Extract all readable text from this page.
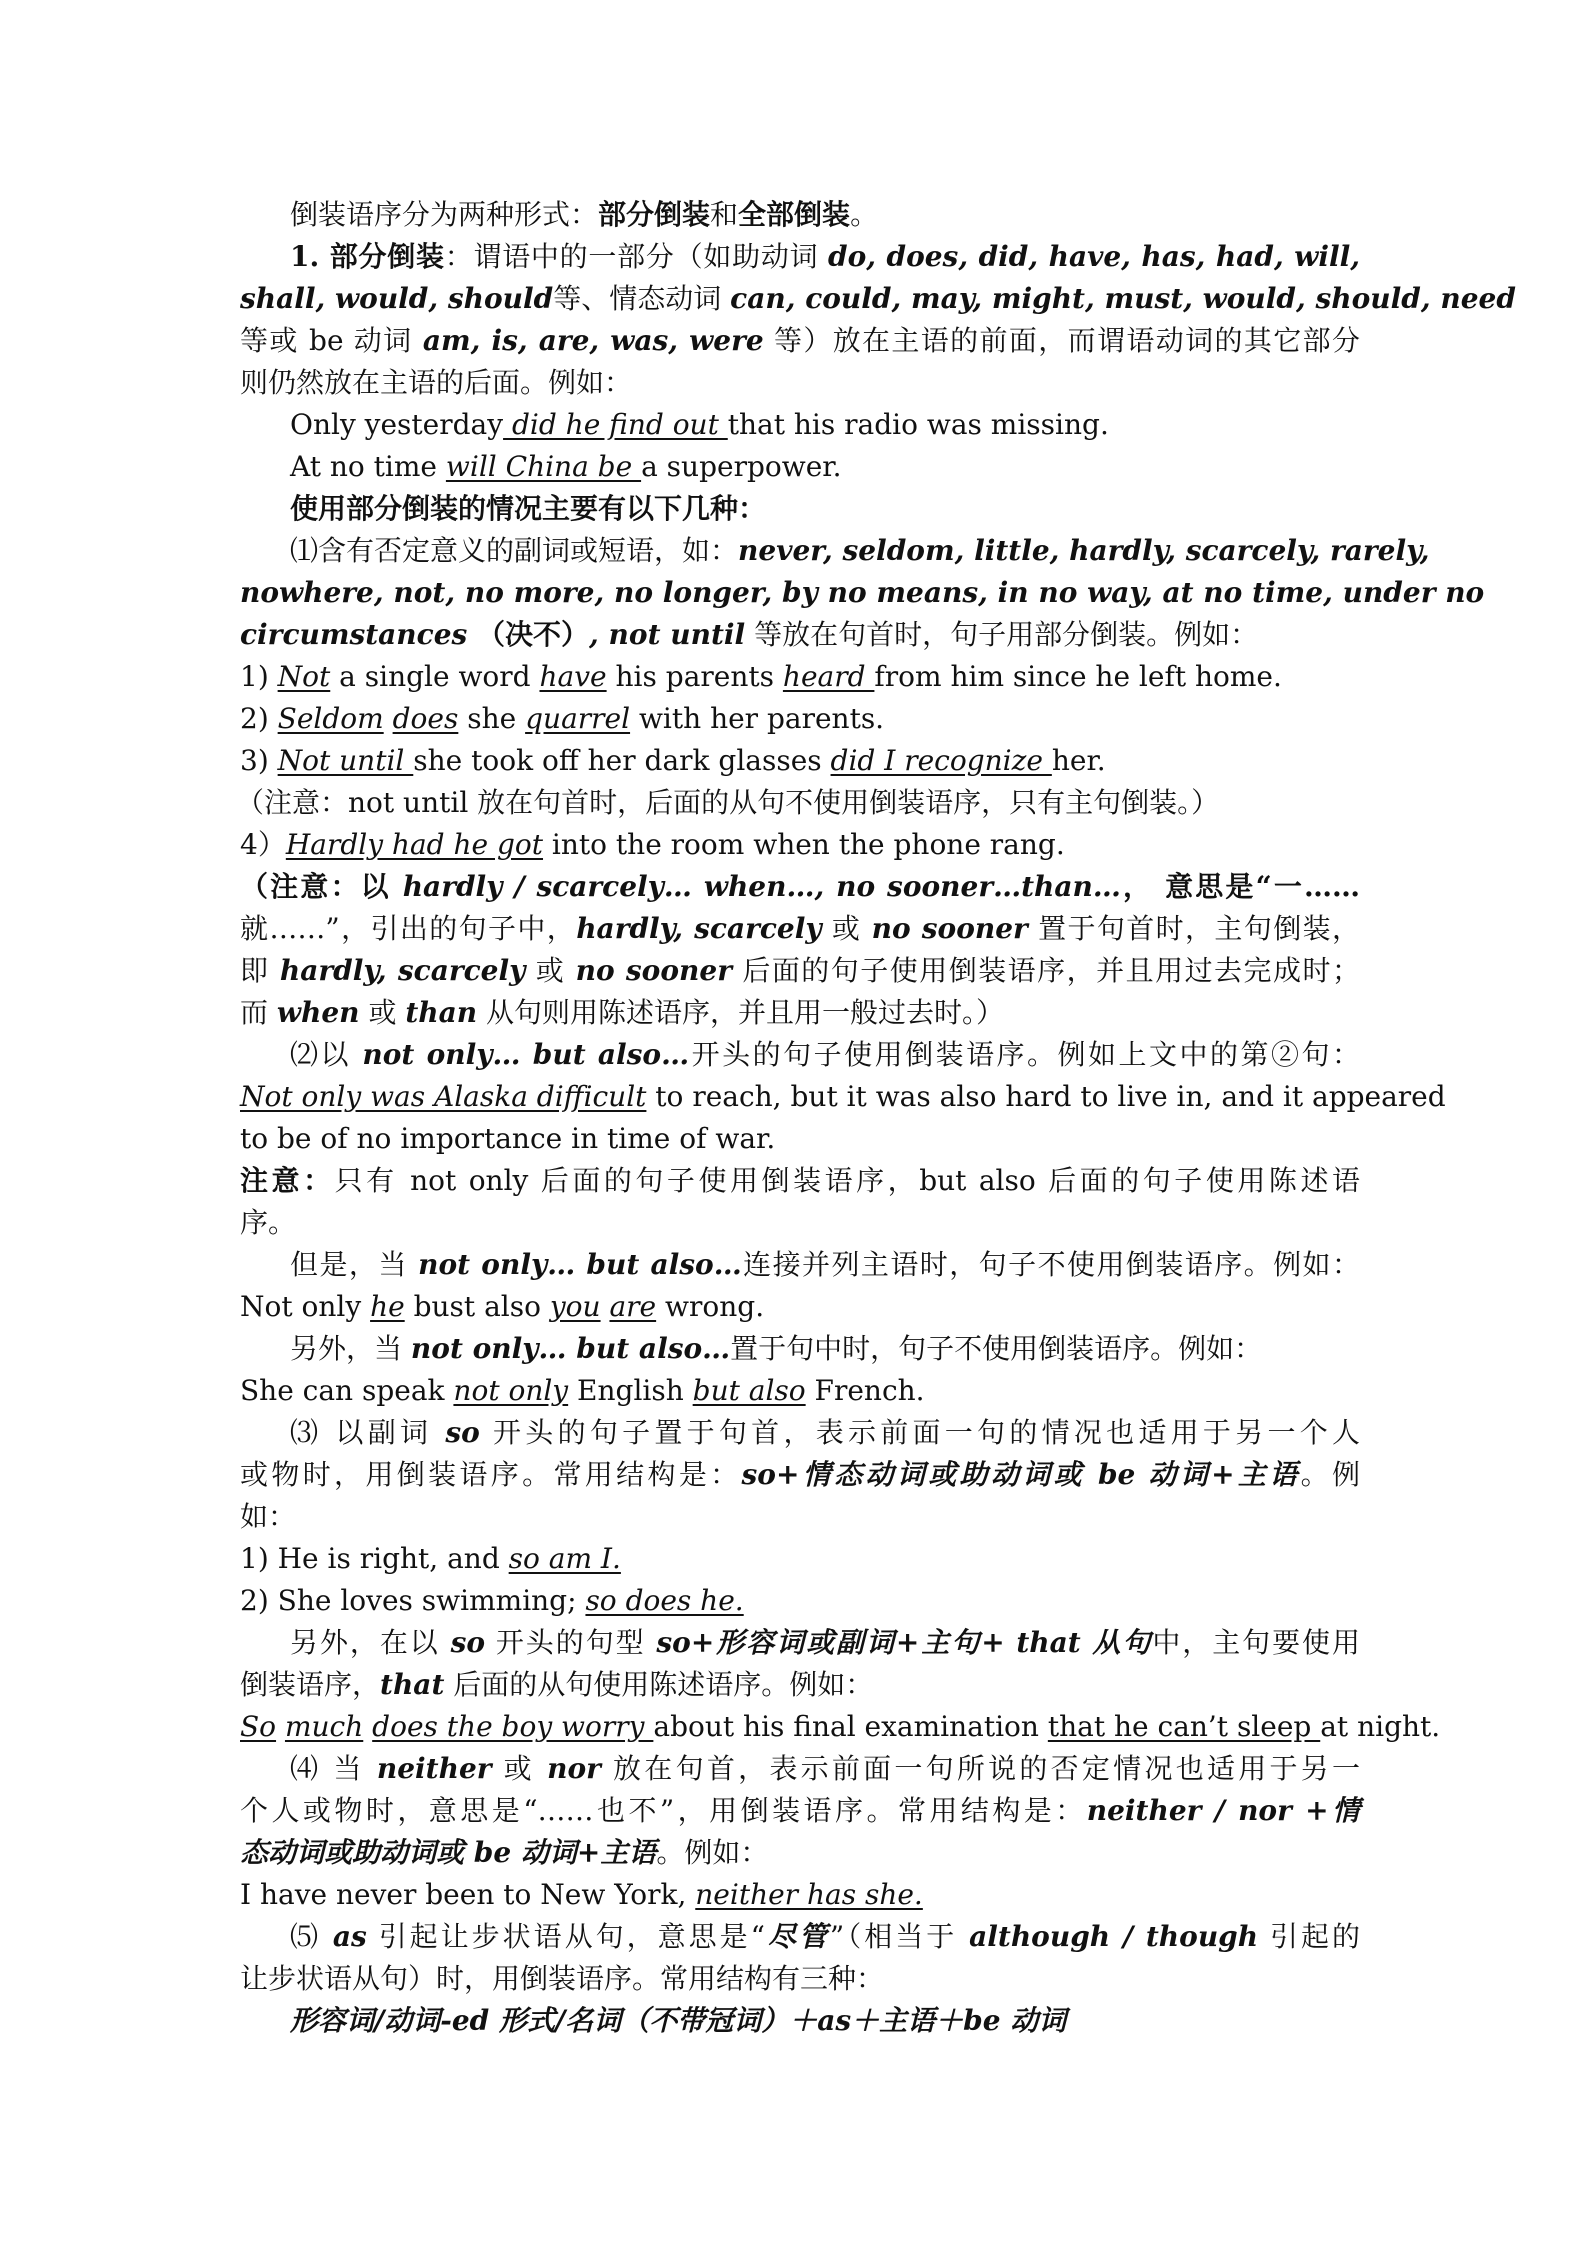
倒装语序分为两种形式：部分倒装和全部倒装。
1. 部分倒装：谓语中的一部分（如助动词 do, does, did, have, has, had, will,
shall, would, should等、情态动词 can, could, may, might, must, would, should, need
等或 be 动词 am, is, are, was, were 等）放在主语的前面，而谓语动词的其它部分
则仍然放在主语的后面。例如：
Only yesterday did he find out that his radio was missing.
At no time will China be a superpower.
使用部分倒装的情况主要有以下几种：
⑴含有否定意义的副词或短语，如：never, seldom, little, hardly, scarcely, rarely,
nowhere, not, no more, no longer, by no means, in no way, at no time, under no
circumstances （决不）, not until 等放在句首时，句子用部分倒装。例如：
1) Not a single word have his parents heard from him since he left home.
2) Seldom does she quarrel with her parents.
3) Not until she took off her dark glasses did I recognize her.
（注意：not until 放在句首时，后面的从句不使用倒装语序，只有主句倒装。）
4）Hardly had he got into the room when the phone rang.
（注意：以 hardly / scarcely… when…, no sooner…than…， 意思是“一……
就……”，引出的句子中，hardly, scarcely 或 no sooner 置于句首时，主句倒装，
即 hardly, scarcely 或 no sooner 后面的句子使用倒装语序，并且用过去完成时；
而 when 或 than 从句则用陈述语序，并且用一般过去时。）
⑵以 not only… but also…开头的句子使用倒装语序。例如上文中的第②句：
Not only was Alaska difficult to reach, but it was also hard to live in, and it appeared
to be of no importance in time of war.
注意：只有 not only 后面的句子使用倒装语序，but also 后面的句子使用陈述语
序。
但是，当 not only… but also…连接并列主语时，句子不使用倒装语序。例如：
Not only he bust also you are wrong.
另外，当 not only… but also…置于句中时，句子不使用倒装语序。例如：
She can speak not only English but also French.
⑶ 以副词 so 开头的句子置于句首，表示前面一句的情况也适用于另一个人
或物时，用倒装语序。常用结构是：so+情态动词或助动词或 be 动词+主语。例
如：
1) He is right, and so am I.
2) She loves swimming; so does he.
另外，在以 so 开头的句型 so+形容词或副词+主句+ that 从句中，主句要使用
倒装语序，that 后面的从句使用陈述语序。例如：
So much does the boy worry about his final examination that he can’t sleep at night.
⑷ 当 neither 或 nor 放在句首，表示前面一句所说的否定情况也适用于另一
个人或物时，意思是“……也不”，用倒装语序。常用结构是：neither / nor +情
态动词或助动词或 be 动词+主语。例如：
I have never been to New York, neither has she.
⑸ as 引起让步状语从句，意思是“尽管”（相当于 although / though 引起的
让步状语从句）时，用倒装语序。常用结构有三种：
形容词/动词-ed 形式/名词（不带冠词）＋as＋主语＋be 动词
